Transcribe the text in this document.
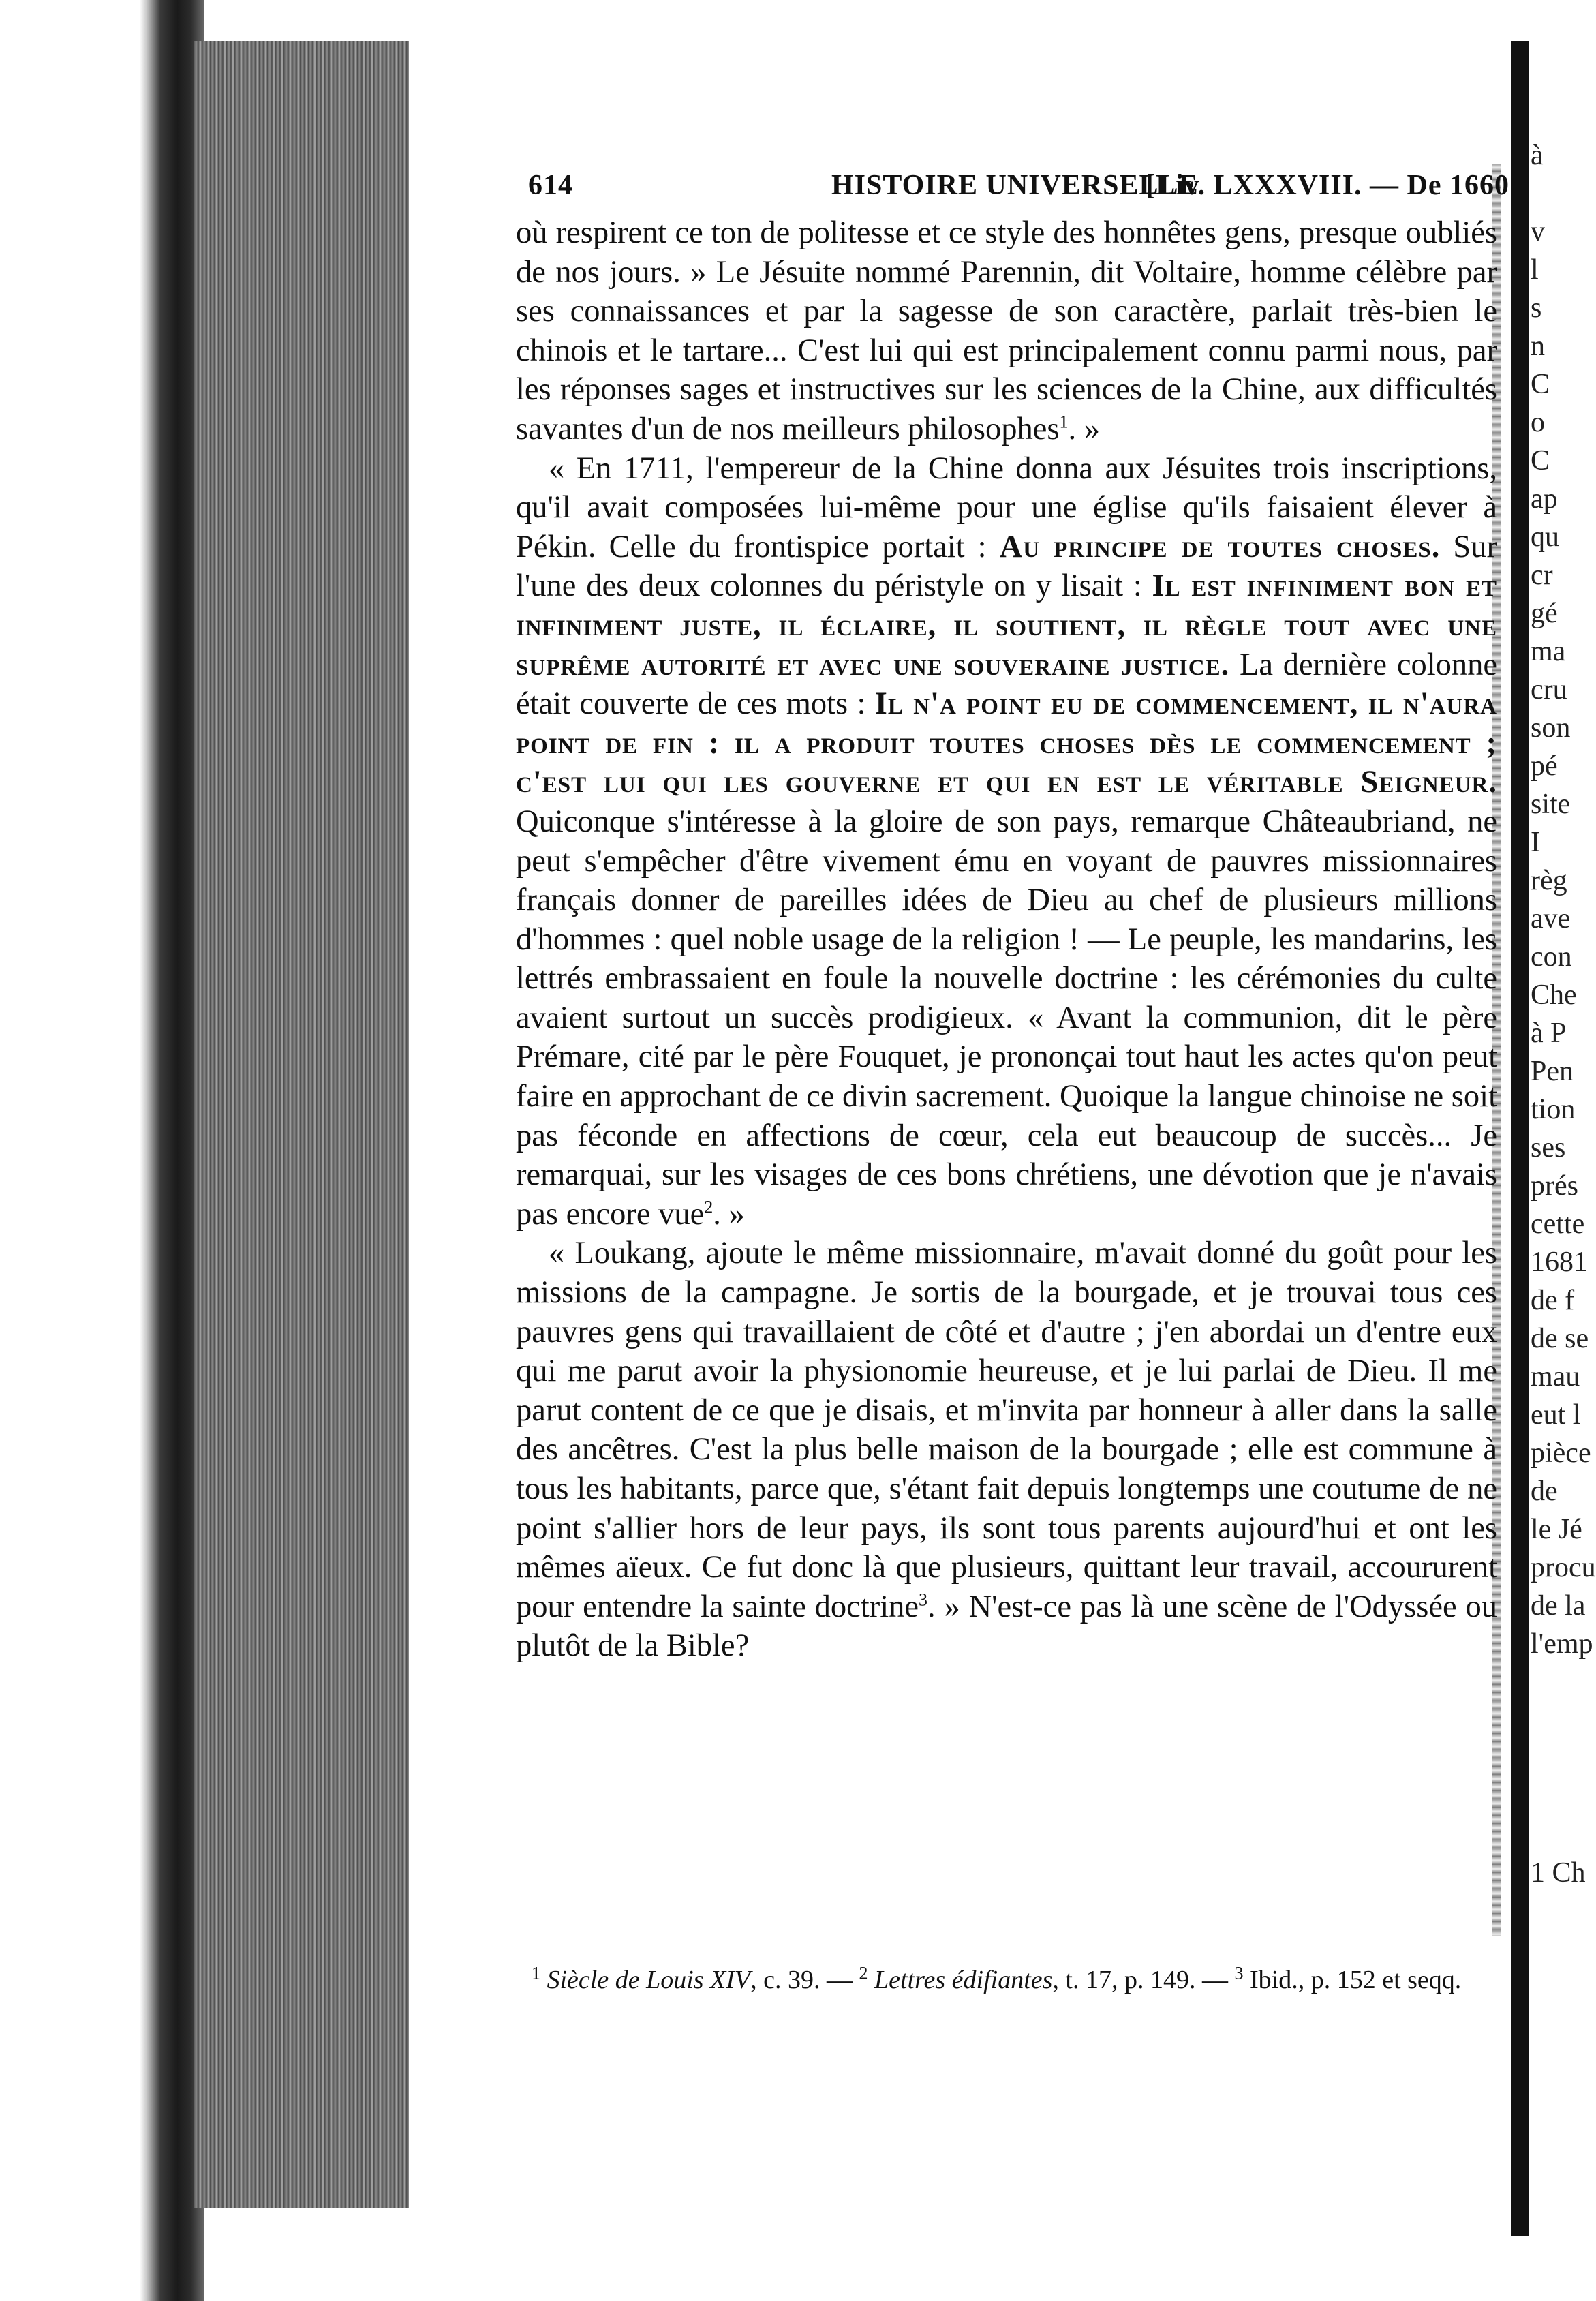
à
v
l
s
n
C
o
C
ap
qu
cr
gé
ma
cru
son
pé
site
I
règ
ave
con
Che
à P
Pen
tion
ses
prés
cette
1681
de f
de se
mau
eut l
pièce
de
le Jé
procu
de la
l'emp
1 Ch
614	HISTOIRE UNIVERSELLE
[Liv. LXXXVIII. — De 1660

où respirent ce ton de politesse et ce style des honnêtes gens, presque oubliés de nos jours. » Le Jésuite nommé Parennin, dit Voltaire, homme célèbre par ses connaissances et par la sagesse de son caractère, parlait très-bien le chinois et le tartare... C'est lui qui est principalement connu parmi nous, par les réponses sages et instructives sur les sciences de la Chine, aux difficultés savantes d'un de nos meilleurs philosophes$^1$. »

« En 1711, l'empereur de la Chine donna aux Jésuites trois inscriptions, qu'il avait composées lui-même pour une église qu'ils faisaient élever à Pékin. Celle du frontispice portait : Au principe de toutes choses. Sur l'une des deux colonnes du péristyle on y lisait : Il est infiniment bon et infiniment juste, il éclaire, il soutient, il règle tout avec une suprême autorité et avec une souveraine justice. La dernière colonne était couverte de ces mots : Il n'a point eu de commencement, il n'aura point de fin : il a produit toutes choses dès le commencement ; c'est lui qui les gouverne et qui en est le véritable Seigneur. Quiconque s'intéresse à la gloire de son pays, remarque Châteaubriand, ne peut s'empêcher d'être vivement ému en voyant de pauvres missionnaires français donner de pareilles idées de Dieu au chef de plusieurs millions d'hommes : quel noble usage de la religion ! — Le peuple, les mandarins, les lettrés embrassaient en foule la nouvelle doctrine : les cérémonies du culte avaient surtout un succès prodigieux. « Avant la communion, dit le père Prémare, cité par le père Fouquet, je prononçai tout haut les actes qu'on peut faire en approchant de ce divin sacrement. Quoique la langue chinoise ne soit pas féconde en affections de cœur, cela eut beaucoup de succès... Je remarquai, sur les visages de ces bons chrétiens, une dévotion que je n'avais pas encore vue$^2$. »

« Loukang, ajoute le même missionnaire, m'avait donné du goût pour les missions de la campagne. Je sortis de la bourgade, et je trouvai tous ces pauvres gens qui travaillaient de côté et d'autre ; j'en abordai un d'entre eux qui me parut avoir la physionomie heureuse, et je lui parlai de Dieu. Il me parut content de ce que je disais, et m'invita par honneur à aller dans la salle des ancêtres. C'est la plus belle maison de la bourgade ; elle est commune à tous les habitants, parce que, s'étant fait depuis longtemps une coutume de ne point s'allier hors de leur pays, ils sont tous parents aujourd'hui et ont les mêmes aïeux. Ce fut donc là que plusieurs, quittant leur travail, accoururent pour entendre la sainte doctrine$^3$. » N'est-ce pas là une scène de l'Odyssée ou plutôt de la Bible?

$^1$ Siècle de Louis XIV, c. 39. — $^2$ Lettres édifiantes, t. 17, p. 149. — $^3$ Ibid., p. 152 et seqq.
